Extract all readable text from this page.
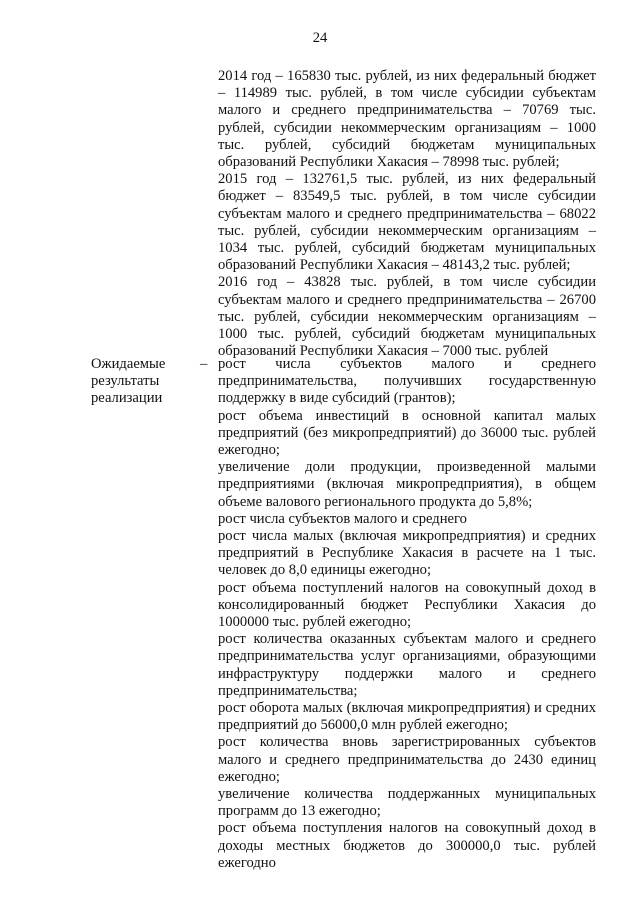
24

2014 год – 165830 тыс. рублей, из них федеральный бюджет – 114989 тыс. рублей, в том числе субсидии субъектам малого и среднего предпринимательства – 70769 тыс. рублей, субсидии некоммерческим организациям – 1000 тыс. рублей, субсидий бюджетам муниципальных образований Республики Хакасия – 78998 тыс. рублей;

2015 год – 132761,5 тыс. рублей, из них федеральный бюджет – 83549,5 тыс. рублей, в том числе субсидии субъектам малого и среднего предпринимательства – 68022 тыс. рублей, субсидии некоммерческим организациям – 1034 тыс. рублей, субсидий бюджетам муниципальных образований Республики Хакасия – 48143,2 тыс. рублей;

2016 год – 43828 тыс. рублей, в том числе субсидии субъектам малого и среднего предпринимательства – 26700 тыс. рублей, субсидии некоммерческим организациям – 1000 тыс. рублей, субсидий бюджетам муниципальных образований Республики Хакасия – 7000 тыс. рублей

Ожидаемые результаты реализации
– рост числа субъектов малого и среднего предпринимательства, получивших государственную поддержку в виде субсидий (грантов);

рост объема инвестиций в основной капитал малых предприятий (без микропредприятий) до 36000 тыс. рублей ежегодно;

увеличение доли продукции, произведенной малыми предприятиями (включая микропредприятия), в общем объеме валового регионального продукта до 5,8%;

рост числа субъектов малого и среднего

рост числа малых (включая микропредприятия) и средних предприятий в Республике Хакасия в расчете на 1 тыс. человек до 8,0 единицы ежегодно;

рост объема поступлений налогов на совокупный доход в консолидированный бюджет Республики Хакасия до 1000000 тыс. рублей ежегодно;

рост количества оказанных субъектам малого и среднего предпринимательства услуг организациями, образующими инфраструктуру поддержки малого и среднего предпринимательства;

рост оборота малых (включая микропредприятия) и средних предприятий до 56000,0 млн рублей ежегодно;

рост количества вновь зарегистрированных субъектов малого и среднего предпринимательства до 2430 единиц ежегодно;

увеличение количества поддержанных муниципальных программ до 13 ежегодно;

рост объема поступления налогов на совокупный доход в доходы местных бюджетов до 300000,0 тыс. рублей ежегодно
